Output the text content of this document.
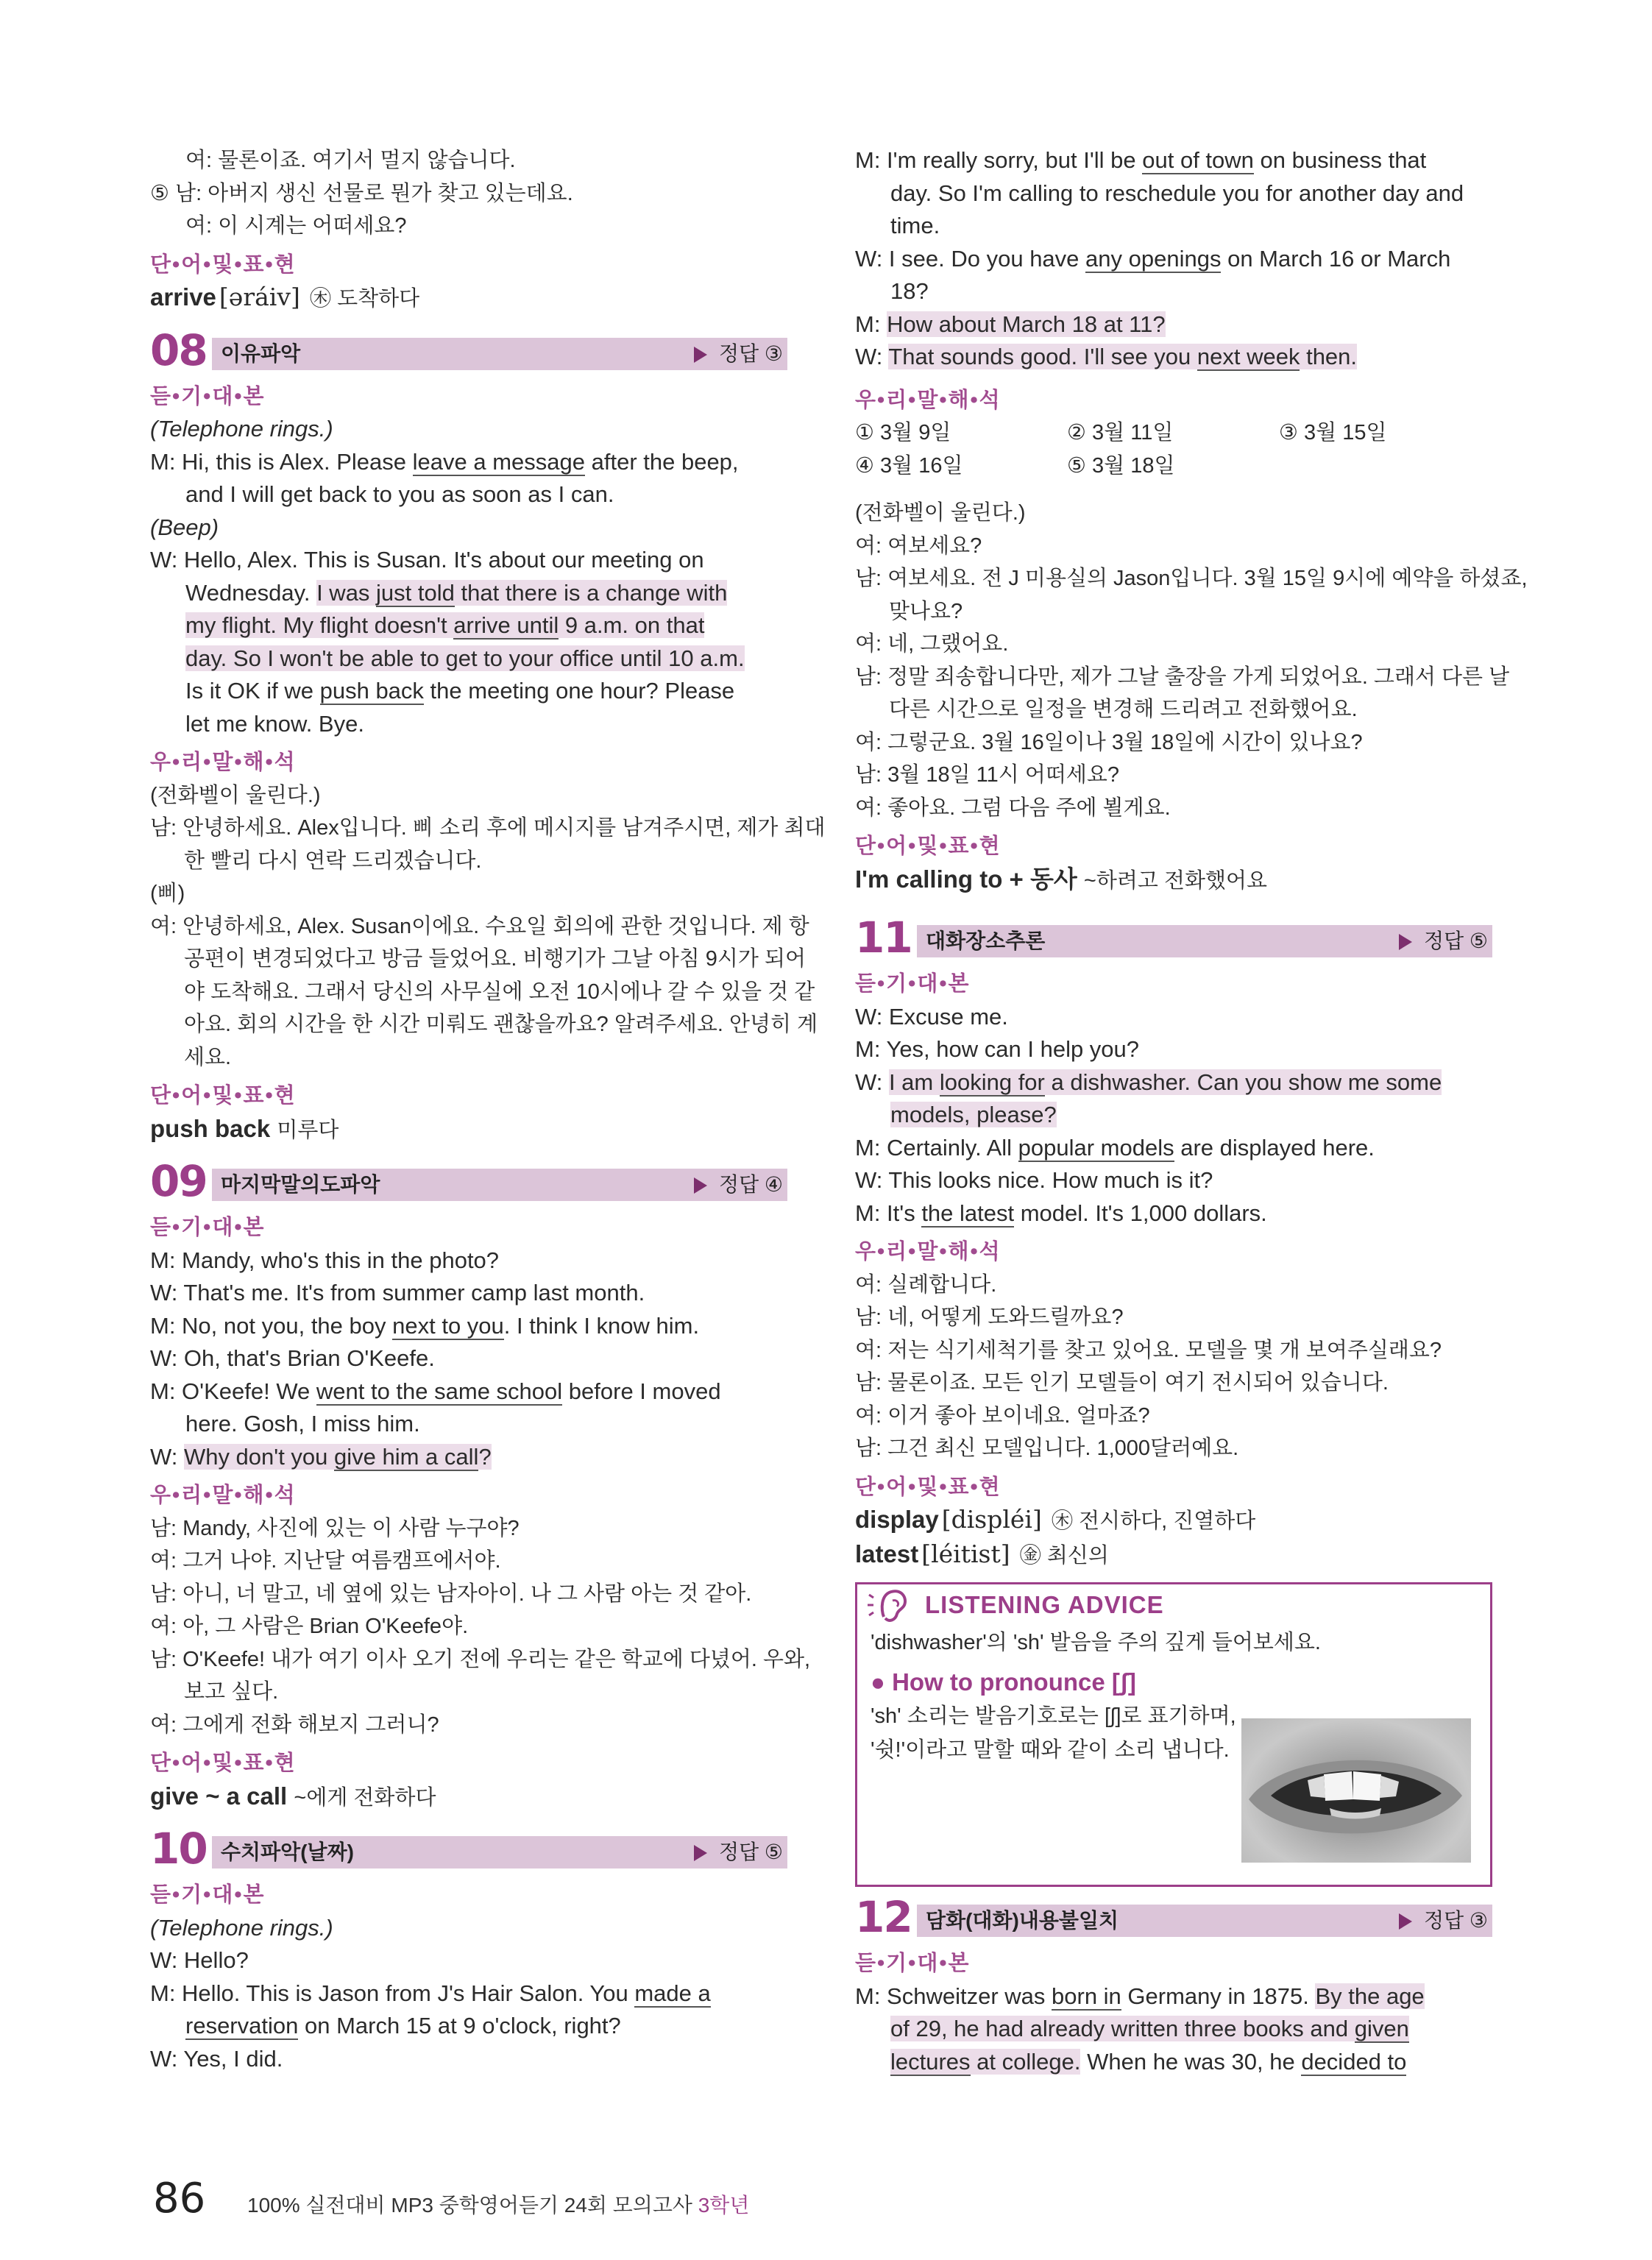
여: 물론이죠. 여기서 멀지 않습니다.
⑤ 남: 아버지 생신 선물로 뭔가 찾고 있는데요.
여: 이 시계는 어떠세요?
단•어•및•표•현
arrive [əráiv] ㊍ 도착하다
08 이유파악	정답 ③
듣•기•대•본
(Telephone rings.)
M: Hi, this is Alex. Please leave a message after the beep,
and I will get back to you as soon as I can.
(Beep)
W: Hello, Alex. This is Susan. It's about our meeting on
Wednesday. I was just told that there is a change with
my flight. My flight doesn't arrive until 9 a.m. on that
day. So I won't be able to get to your office until 10 a.m.
Is it OK if we push back the meeting one hour? Please
let me know. Bye.
우•리•말•해•석
(전화벨이 울린다.)
남: 안녕하세요. Alex입니다. 삐 소리 후에 메시지를 남겨주시면, 제가 최대
한 빨리 다시 연락 드리겠습니다.
(삐)
여: 안녕하세요, Alex. Susan이에요. 수요일 회의에 관한 것입니다. 제 항
공편이 변경되었다고 방금 들었어요. 비행기가 그날 아침 9시가 되어
야 도착해요. 그래서 당신의 사무실에 오전 10시에나 갈 수 있을 것 같
아요. 회의 시간을 한 시간 미뤄도 괜찮을까요? 알려주세요. 안녕히 계
세요.
단•어•및•표•현
push back 미루다
09 마지막말의도파악	정답 ④
듣•기•대•본
M: Mandy, who's this in the photo?
W: That's me. It's from summer camp last month.
M: No, not you, the boy next to you. I think I know him.
W: Oh, that's Brian O'Keefe.
M: O'Keefe! We went to the same school before I moved
here. Gosh, I miss him.
W: Why don't you give him a call?
우•리•말•해•석
남: Mandy, 사진에 있는 이 사람 누구야?
여: 그거 나야. 지난달 여름캠프에서야.
남: 아니, 너 말고, 네 옆에 있는 남자아이. 나 그 사람 아는 것 같아.
여: 아, 그 사람은 Brian O'Keefe야.
남: O'Keefe! 내가 여기 이사 오기 전에 우리는 같은 학교에 다녔어. 우와,
보고 싶다.
여: 그에게 전화 해보지 그러니?
단•어•및•표•현
give ~ a call ~에게 전화하다
10 수치파악(날짜)	정답 ⑤
듣•기•대•본
(Telephone rings.)
W: Hello?
M: Hello. This is Jason from J's Hair Salon. You made a
reservation on March 15 at 9 o'clock, right?
W: Yes, I did.
M: I'm really sorry, but I'll be out of town on business that
day. So I'm calling to reschedule you for another day and
time.
W: I see. Do you have any openings on March 16 or March
18?
M: How about March 18 at 11?
W: That sounds good. I'll see you next week then.
우•리•말•해•석
① 3월 9일	② 3월 11일	③ 3월 15일
④ 3월 16일	⑤ 3월 18일
(전화벨이 울린다.)
여: 여보세요?
남: 여보세요. 전 J 미용실의 Jason입니다. 3월 15일 9시에 예약을 하셨죠,
맞나요?
여: 네, 그랬어요.
남: 정말 죄송합니다만, 제가 그날 출장을 가게 되었어요. 그래서 다른 날
다른 시간으로 일정을 변경해 드리려고 전화했어요.
여: 그렇군요. 3월 16일이나 3월 18일에 시간이 있나요?
남: 3월 18일 11시 어떠세요?
여: 좋아요. 그럼 다음 주에 뵐게요.
단•어•및•표•현
I'm calling to + 동사 ~하려고 전화했어요
11 대화장소추론	정답 ⑤
듣•기•대•본
W: Excuse me.
M: Yes, how can I help you?
W: I am looking for a dishwasher. Can you show me some
models, please?
M: Certainly. All popular models are displayed here.
W: This looks nice. How much is it?
M: It's the latest model. It's 1,000 dollars.
우•리•말•해•석
여: 실례합니다.
남: 네, 어떻게 도와드릴까요?
여: 저는 식기세척기를 찾고 있어요. 모델을 몇 개 보여주실래요?
남: 물론이죠. 모든 인기 모델들이 여기 전시되어 있습니다.
여: 이거 좋아 보이네요. 얼마죠?
남: 그건 최신 모델입니다. 1,000달러예요.
단•어•및•표•현
display [displéi] ㊍ 전시하다, 진열하다
latest [léitist] ㊎ 최신의
LISTENING ADVICE
'dishwasher'의 'sh' 발음을 주의 깊게 들어보세요.
● How to pronounce [ʃ]
'sh' 소리는 발음기호로는 [ʃ]로 표기하며, '쉿!'이라고 말할 때와 같이 소리 냅니다.
12 담화(대화)내용불일치	정답 ③
듣•기•대•본
M: Schweitzer was born in Germany in 1875. By the age
of 29, he had already written three books and given
lectures at college. When he was 30, he decided to
86 100% 실전대비 MP3 중학영어듣기 24회 모의고사 3학년
